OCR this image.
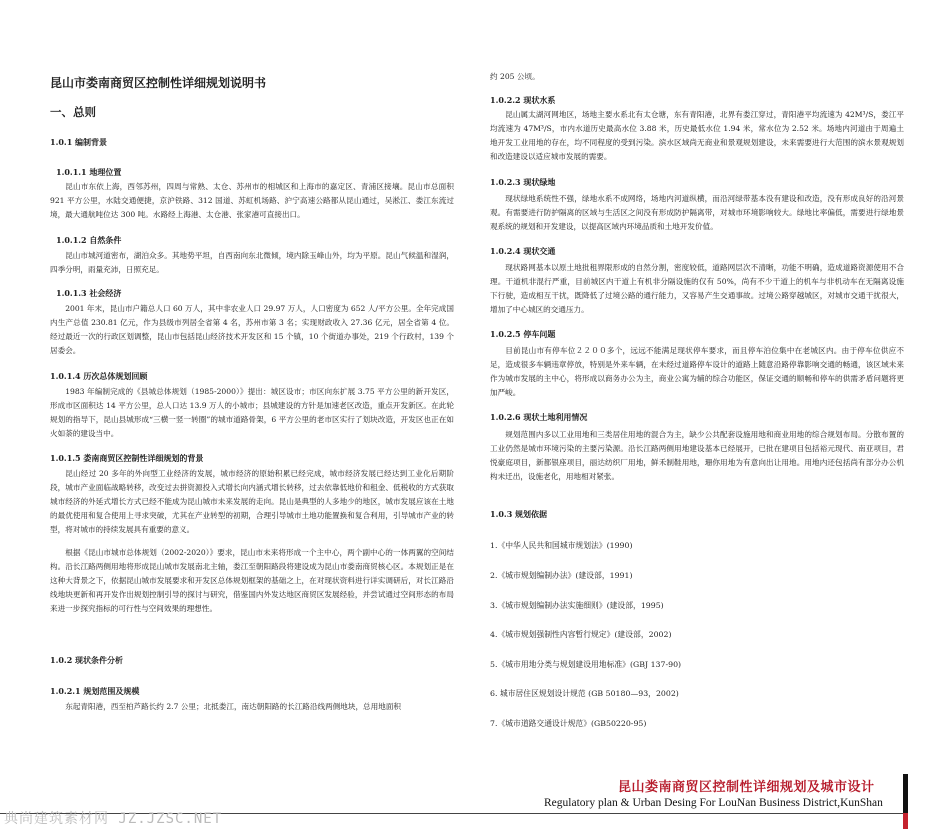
昆山市娄南商贸区控制性详细规划说明书
一、总则
1.0.1 编制背景
1.0.1.1 地理位置

昆山市东依上海，西邻苏州，四周与常熟、太仓、苏州市的相城区和上海市的嘉定区、青浦区接壤。昆山市总面积 921 平方公里，水陆交通便捷，京沪铁路、312 国道、苏虹机场路、沪宁高速公路都从昆山通过，吴淞江、娄江东流过境，最大通航吨位达 300 吨。水路经上海港、太仓港、张家港可直接出口。

1.0.1.2 自然条件

昆山市城河道密布，湖泊众多。其地势平坦，自西南向东北微倾，境内除玉峰山外，均为平原。昆山气候温和湿润，四季分明，雨量充沛，日照充足。

1.0.1.3 社会经济

2001 年末，昆山市户籍总人口 60 万人，其中非农业人口 29.97 万人，人口密度为 652 人/平方公里。全年完成国内生产总值 230.81 亿元，作为县级市列居全省第 4 名，苏州市第 3 名；实现财政收入 27.36 亿元，居全省第 4 位。经过最近一次的行政区划调整，昆山市包括昆山经济技术开发区和 15 个镇，10 个街道办事处，219 个行政村，139 个居委会。

1.0.1.4 历次总体规划回顾

1983 年编制完成的《县城总体规划（1985-2000）》提出：城区设市；市区向东扩展 3.75 平方公里的新开发区，形成市区面积达 14 平方公里，总人口达 13.9 万人的小城市；县城建设的方针是加速老区改造，重点开发新区。在此轮规划的指导下，昆山县城形成“三横一竖一转圈”的城市道路骨架，6 平方公里的老市区实行了划块改造，开发区也正在如火如荼的建设当中。

1.0.1.5 娄南商贸区控制性详细规划的背景

昆山经过 20 多年的外向型工业经济的发展，城市经济的原始积累已经完成，城市经济发展已经达到工业化后期阶段，城市产业面临战略转移，改变过去拼资源投入式增长向内涵式增长转移，过去依靠低地价和租金、低税收的方式获取城市经济的外延式增长方式已经不能成为昆山城市未来发展的走向。昆山是典型的人多地少的地区，城市发展应该在土地的最优使用和复合使用上寻求突破，尤其在产业转型的初期，合理引导城市土地功能置换和复合利用，引导城市产业的转型，将对城市的持续发展具有重要的意义。

根据《昆山市城市总体规划（2002-2020）》要求，昆山市未来将形成一个主中心，两个副中心的一体两翼的空间结构。沿长江路两侧用地将形成昆山城市发展南北主轴，娄江至朝阳路段将建设成为昆山市娄南商贸核心区。本规划正是在这种大背景之下，依据昆山城市发展要求和开发区总体规划框架的基础之上，在对现状资料进行详实调研后，对长江路沿线地块更新和再开发作出规划控制引导的探讨与研究，借鉴国内外发达地区商贸区发展经验，并尝试通过空间形态的布局来进一步探究指标的可行性与空间效果的理想性。

1.0.2 现状条件分析
1.0.2.1 规划范围及规模

东起青阳港，西至柏芦路长约 2.7 公里；北抵娄江，南达朝阳路的长江路沿线两侧地块，总用地面积

约 205 公顷。

1.0.2.2 现状水系

昆山属太湖河网地区，场地主要水系北有太仓塘，东有青阳港，北界有娄江穿过，青阳港平均流速为 42M³/S，娄江平均流速为 47M³/S，市内水道历史最高水位 3.88 米，历史最低水位 1.94 米，常水位为 2.52 米。场地内河道由于周遍土地开发工业用地的存在，均不同程度的受到污染。滨水区域尚无商业和景观规划建设，未来需要进行大范围的滨水景观规划和改造建设以适应城市发展的需要。

1.0.2.3 现状绿地

现状绿地系统性不强，绿地水系不成网络，场地内河道纵横，而沿河绿带基本没有建设和改造，没有形成良好的沿河景观。有需要进行防护隔离的区域与生活区之间没有形成防护隔离带，对城市环境影响较大。绿地比率偏低，需要进行绿地景观系统的规划和开发建设，以提高区域内环境品质和土地开发价值。

1.0.2.4 现状交通

现状路网基本以原土地批租界限形成的自然分割，密度较低，道路网层次不清晰，功能不明确，造成道路资源使用不合理。干道机非混行严重，目前城区内干道上有机非分隔设施的仅有 50%，尚有不少干道上的机车与非机动车在无隔离设施下行驶，造成相互干扰，既降低了过境公路的通行能力，又容易产生交通事故。过境公路穿越城区，对城市交通干扰很大，增加了中心城区的交通压力。

1.0.2.5 停车问题

目前昆山市有停车位２２００多个，远远不能满足现状停车要求，而且停车泊位集中在老城区内。由于停车位供应不足，造成很多车辆违章停放，特别是外来车辆，在未经过道路停车设计的道路上随意沿路停靠影响交通的畅通，该区域未来作为城市发展的主中心，将形成以商务办公为主，商业公寓为辅的综合功能区，保证交通的顺畅和停车的供需矛盾问题将更加严峻。

1.0.2.6 现状土地利用情况

规划范围内多以工业用地和三类居住用地的混合为主，缺少公共配套设施用地和商业用地的综合规划布局。分散布置的工业仍然是城市环境污染的主要污染源。沿长江路两侧用地建设基本已经展开，已批在建项目包括裕元现代、南亚项目，君悦豪庭项目，新都银座项目，丽达纺织厂用地，鲜禾制鞋用地，珊你用地为有意向出让用地。用地内还包括尚有部分办公机构未迁出，设施老化，用地相对紧张。

1.0.3 规划依据
1.《中华人民共和国城市规划法》(1990)
2.《城市规划编制办法》(建设部，1991)
3.《城市规划编制办法实施细则》(建设部，1995)
4.《城市规划强制性内容暂行规定》(建设部，2002)
5.《城市用地分类与规划建设用地标准》(GBJ 137-90)
6. 城市居住区规划设计规范 (GB 50180—93，2002)
7.《城市道路交通设计规范》(GB50220-95)
昆山娄南商贸区控制性详细规划及城市设计
Regulatory plan & Urban Desing For LouNan Business District,KunShan
典尚建筑素材网 JZ.JZSC.NET
